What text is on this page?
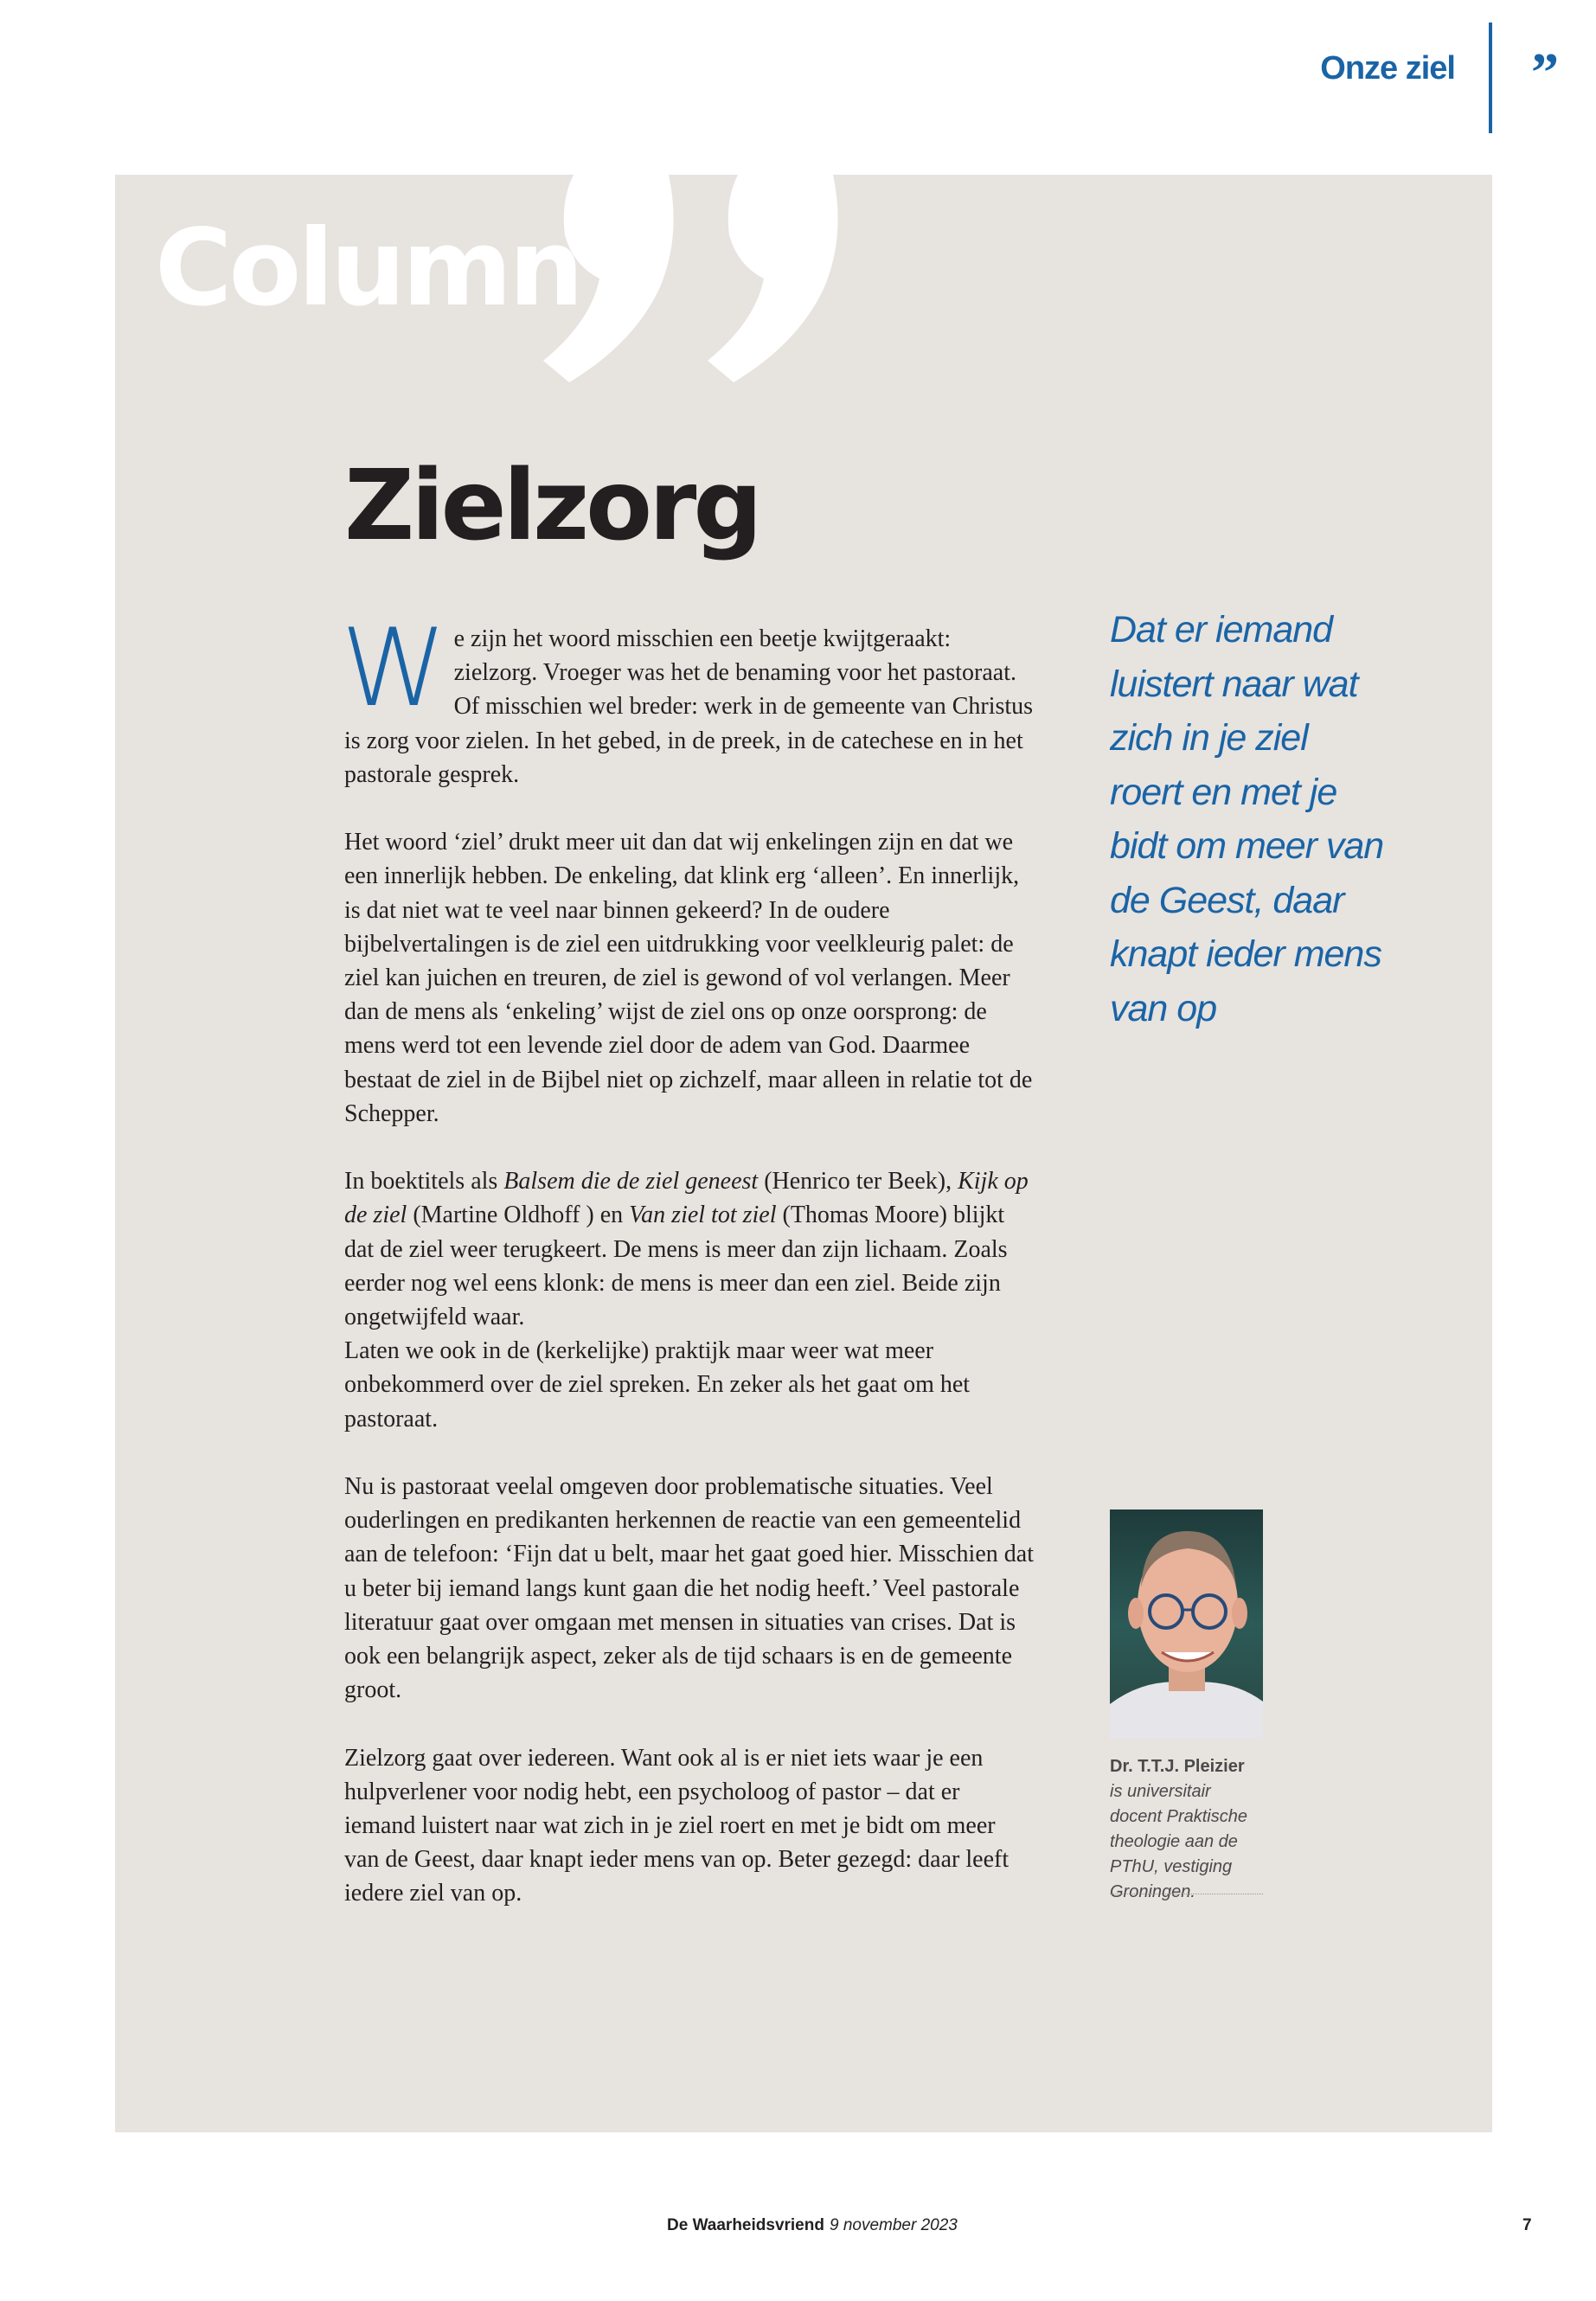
Onze ziel ”
Column
Zielzorg

We zijn het woord misschien een beetje kwijtgeraakt: zielzorg. Vroeger was het de benaming voor het pastoraat. Of misschien wel breder: werk in de gemeente van Christus is zorg voor zielen. In het gebed, in de preek, in de catechese en in het pastorale gesprek.

Het woord ‘ziel’ drukt meer uit dan dat wij enkelingen zijn en dat we een innerlijk hebben. De enkeling, dat klink erg ‘alleen’. En innerlijk, is dat niet wat te veel naar binnen gekeerd? In de oudere bijbelvertalingen is de ziel een uitdrukking voor veelkleurig palet: de ziel kan juichen en treuren, de ziel is gewond of vol verlangen. Meer dan de mens als ‘enkeling’ wijst de ziel ons op onze oorsprong: de mens werd tot een levende ziel door de adem van God. Daarmee bestaat de ziel in de Bijbel niet op zichzelf, maar alleen in relatie tot de Schepper.

In boektitels als Balsem die de ziel geneest (Henrico ter Beek), Kijk op de ziel (Martine Oldhoff ) en Van ziel tot ziel (Thomas Moore) blijkt dat de ziel weer terugkeert. De mens is meer dan zijn lichaam. Zoals eerder nog wel eens klonk: de mens is meer dan een ziel. Beide zijn ongetwijfeld waar.
Laten we ook in de (kerkelijke) praktijk maar weer wat meer onbekommerd over de ziel spreken. En zeker als het gaat om het pastoraat.

Nu is pastoraat veelal omgeven door problematische situaties. Veel ouderlingen en predikanten herkennen de reactie van een gemeentelid aan de telefoon: ‘Fijn dat u belt, maar het gaat goed hier. Misschien dat u beter bij iemand langs kunt gaan die het nodig heeft.’ Veel pastorale literatuur gaat over omgaan met mensen in situaties van crises. Dat is ook een belangrijk aspect, zeker als de tijd schaars is en de gemeente groot.

Zielzorg gaat over iedereen. Want ook al is er niet iets waar je een hulpverlener voor nodig hebt, een psycholoog of pastor – dat er iemand luistert naar wat zich in je ziel roert en met je bidt om meer van de Geest, daar knapt ieder mens van op. Beter gezegd: daar leeft iedere ziel van op.

Dat er iemand luistert naar wat zich in je ziel roert en met je bidt om meer van de Geest, daar knapt ieder mens van op
Dr. T.T.J. Pleizier
is universitair docent Praktische theologie aan de PThU, vestiging Groningen.
De Waarheidsvriend 9 november 2023	7
